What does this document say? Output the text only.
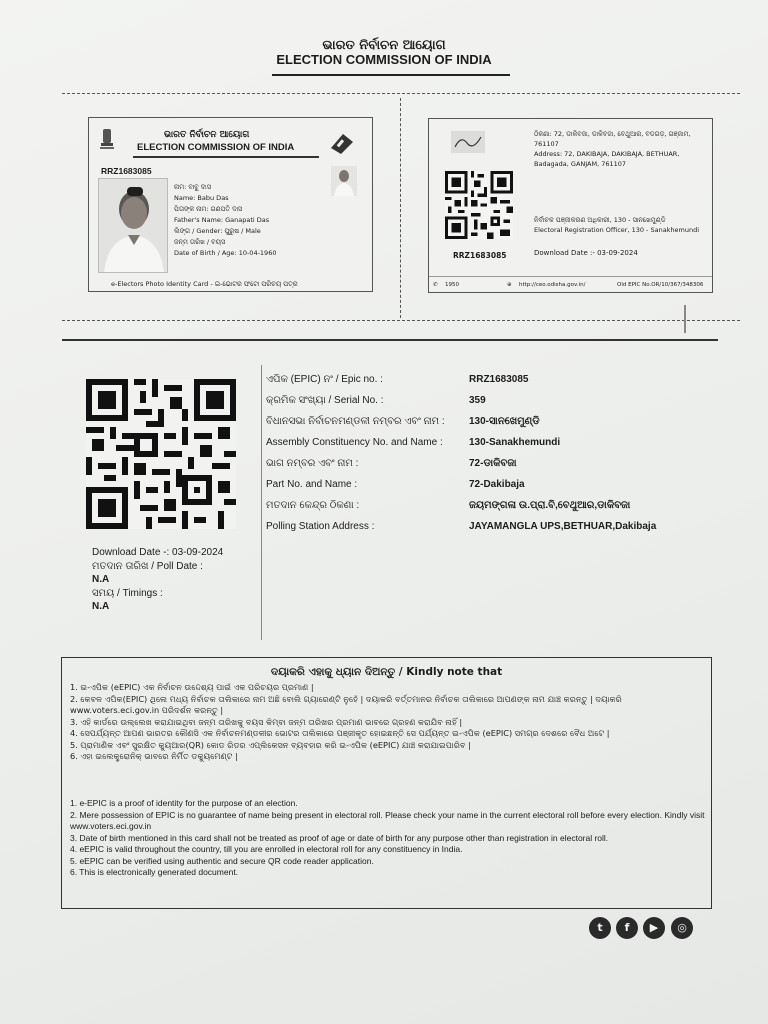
ଭାରତ ନିର୍ବାଚନ ଆୟୋଗ
ELECTION COMMISSION OF INDIA
ଭାରତ ନିର୍ବାଚନ ଆୟୋଗ
ELECTION COMMISSION OF INDIA
RRZ1683085
ନାମ: ବାବୁ ଦାସ
Name: Babu Das
ପିତାଙ୍କ ନାମ: ଗଣପତି ଦାସ
Father's Name: Ganapati Das
ଲିଙ୍ଗ / Gender: ପୁରୁଷ / Male
ଜନ୍ମ ତାରିଖ / ବୟସ
Date of Birth / Age: 10-04-1960
e-Electors Photo Identity Card - ଇ-ଭୋଟର ଫଟୋ ପରିଚୟ ପତ୍ର
ଠିକଣା: 72, ଡାକିବଜା, ଡାକିବଜା, ବେଥୁଆର, ବଡଗଡ଼, ଗଞ୍ଜାମ, 761107
Address: 72, DAKIBAJA, DAKIBAJA, BETHUAR, Badagada, GANJAM, 761107
ନିର୍ବାଚକ ପଞ୍ଜୀକରଣ ଅଧିକାରୀ, 130 - ସାନଖେମୁଣ୍ଡି
Electoral Registration Officer, 130 - Sanakhemundi
Download Date :- 03-09-2024
RRZ1683085
✆ 1950	⊕ http://ceo.odisha.gov.in/	Old EPIC No.OR/10/367/348306
ଏପିକ (EPIC) ନଂ / Epic no. :	RRZ1683085
କ୍ରମିକ ସଂଖ୍ୟା / Serial No. :	359
ବିଧାନସଭା ନିର୍ବାଚନମଣ୍ଡଳୀ ନମ୍ବର ଏବଂ ନାମ : 130-ସାନଖେମୁଣ୍ଡି
Assembly Constituency No. and Name :	130-Sanakhemundi
ଭାଗ ନମ୍ବର ଏବଂ ନାମ :	72-ଡାକିବଜା
Part No. and Name :	72-Dakibaja
ମତଦାନ କେନ୍ଦ୍ର ଠିକଣା :	ଜୟମଙ୍ଗଳା ଉ.ପ୍ରା.ବି,ବେଥୁଆର,ଡାକିବଜା
Polling Station Address :	JAYAMANGLA UPS,BETHUAR,Dakibaja
Download Date -: 03-09-2024
ମତଦାନ ତାରିଖ / Poll Date :
N.A
ସମୟ / Timings :
N.A
ଦୟାକରି ଏହାକୁ ଧ୍ୟାନ ଦିଅନ୍ତୁ / Kindly note that
1. ଇ-ଏପିକ (eEPIC) ଏକ ନିର୍ବାଚନ ଉଦ୍ଦେଶ୍ୟ ପାଇଁ ଏକ ପରିଚୟର ପ୍ରମାଣ |
2. କେବଳ ଏପିକ(EPIC) ଥିଲେ ମଧ୍ୟ ନିର୍ବାଚକ ତାଲିକାରେ ନାମ ଅଛି ବୋଲି ଗ୍ୟାରେଣ୍ଟି ନୁହେଁ | ଦୟାକରି ବର୍ତ୍ତମାନର ନିର୍ବାଚକ ତାଲିକାରେ ଆପଣଙ୍କ ନାମ ଯାଞ୍ଚ କରନ୍ତୁ | ଦୟାକରି www.voters.eci.gov.in ପରିଦର୍ଶନ କରନ୍ତୁ |
3. ଏହି କାର୍ଡରେ ଉଲ୍ଲେଖ କରାଯାଇଥିବା ଜନ୍ମ ତାରିଖକୁ ବୟସ କିମ୍ବା ଜନ୍ମ ତାରିଖର ପ୍ରମାଣ ଭାବରେ ଗ୍ରହଣ କରାଯିବ ନାହିଁ |
4. ସେପର୍ଯ୍ୟନ୍ତ ଆପଣ ଭାରତର କୌଣସି ଏକ ନିର୍ବାଚନମଣ୍ଡଳୀର ଭୋଟର ତାଲିକାରେ ପଞ୍ଜୀକୃତ ହୋଇଛନ୍ତି ସେ ପର୍ଯ୍ୟନ୍ତ ଇ-ଏପିକ (eEPIC) ସମଗ୍ର ଦେଶରେ ବୈଧ ଅଟେ |
5. ପ୍ରାମାଣିକ ଏବଂ ସୁରକ୍ଷିତ କ୍ୟୁଆର(QR) କୋଡ ରିଡର ଏପ୍ଲିକେସନ ବ୍ୟବହାର କରି ଇ-ଏପିକ (eEPIC) ଯାଞ୍ଚ କରାଯାଇପାରିବ |
6. ଏହା ଇଲେକ୍ଟ୍ରୋନିକ୍ ଭାବରେ ନିର୍ମିତ ଡକ୍ୟୁମେଣ୍ଟ |
1. e-EPIC is a proof of identity for the purpose of an election.
2. Mere possession of EPIC is no guarantee of name being present in electoral roll. Please check your name in the current electoral roll before every election. Kindly visit www.voters.eci.gov.in
3. Date of birth mentioned in this card shall not be treated as proof of age or date of birth for any purpose other than registration in electoral roll.
4. eEPIC is valid throughout the country, till you are enrolled in electoral roll for any constituency in India.
5. eEPIC can be verified using authentic and secure QR code reader application.
6. This is electronically generated document.
t	f	▶	◎
